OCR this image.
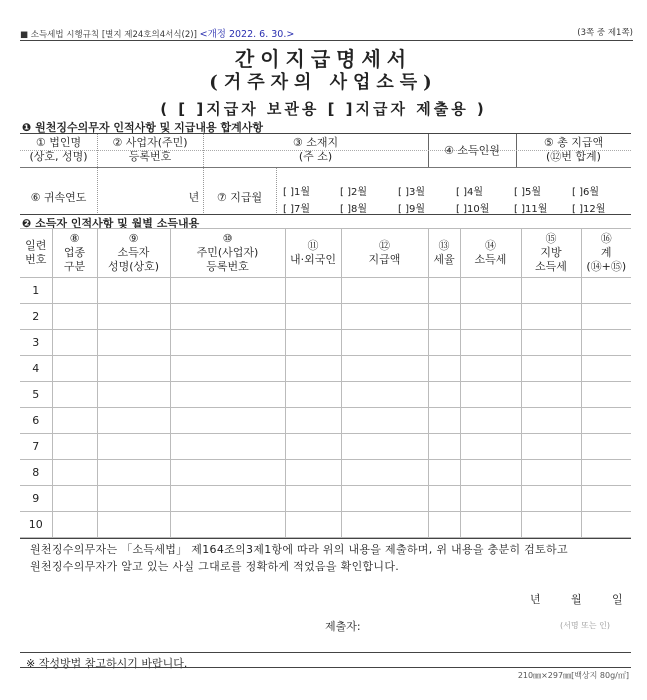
■ 소득세법 시행규칙 [별지 제24호의4서식(2)] <개정 2022. 6. 30.>	(3쪽 중 제1쪽)
간이지급명세서
(거주자의 사업소득)
( [ ]지급자 보관용 [ ]지급자 제출용 )
❶ 원천징수의무자 인적사항 및 지급내용 합계사항
① 법인명
(상호, 성명)
② 사업자(주민)
등록번호
③ 소재지
(주 소)	④ 소득인원
⑤ 총 지급액
(⑫번 합계)
⑥ 귀속연도	년	⑦ 지급월	[ ]1월	[ ]2월	[ ]3월	[ ]4월	[ ]5월	[ ]6월
[ ]7월	[ ]8월	[ ]9월	[ ]10월 [ ]11월 [ ]12월
❷ 소득자 인적사항 및 월별 소득내용
일련
번호	⑧
업종
구분	⑨
소득자
성명(상호)	⑩
주민(사업자)
등록번호	⑪
내·외국인	⑫
지급액	⑬
세율	⑭
소득세	⑮
지방
소득세	⑯
계
(⑭+⑮)
1									
2									
3									
4									
5									
6									
7									
8									
9									
10									
원천징수의무자는 「소득세법」 제164조의3제1항에 따라 위의 내용을 제출하며, 위 내용을 충분히 검토하고
원천징수의무자가 알고 있는 사실 그대로를 정확하게 적었음을 확인합니다.
년	월	일
제출자:	(서명 또는 인)
※ 작성방법 참고하시기 바랍니다.
210㎜×297㎜[백상지 80g/㎡]
